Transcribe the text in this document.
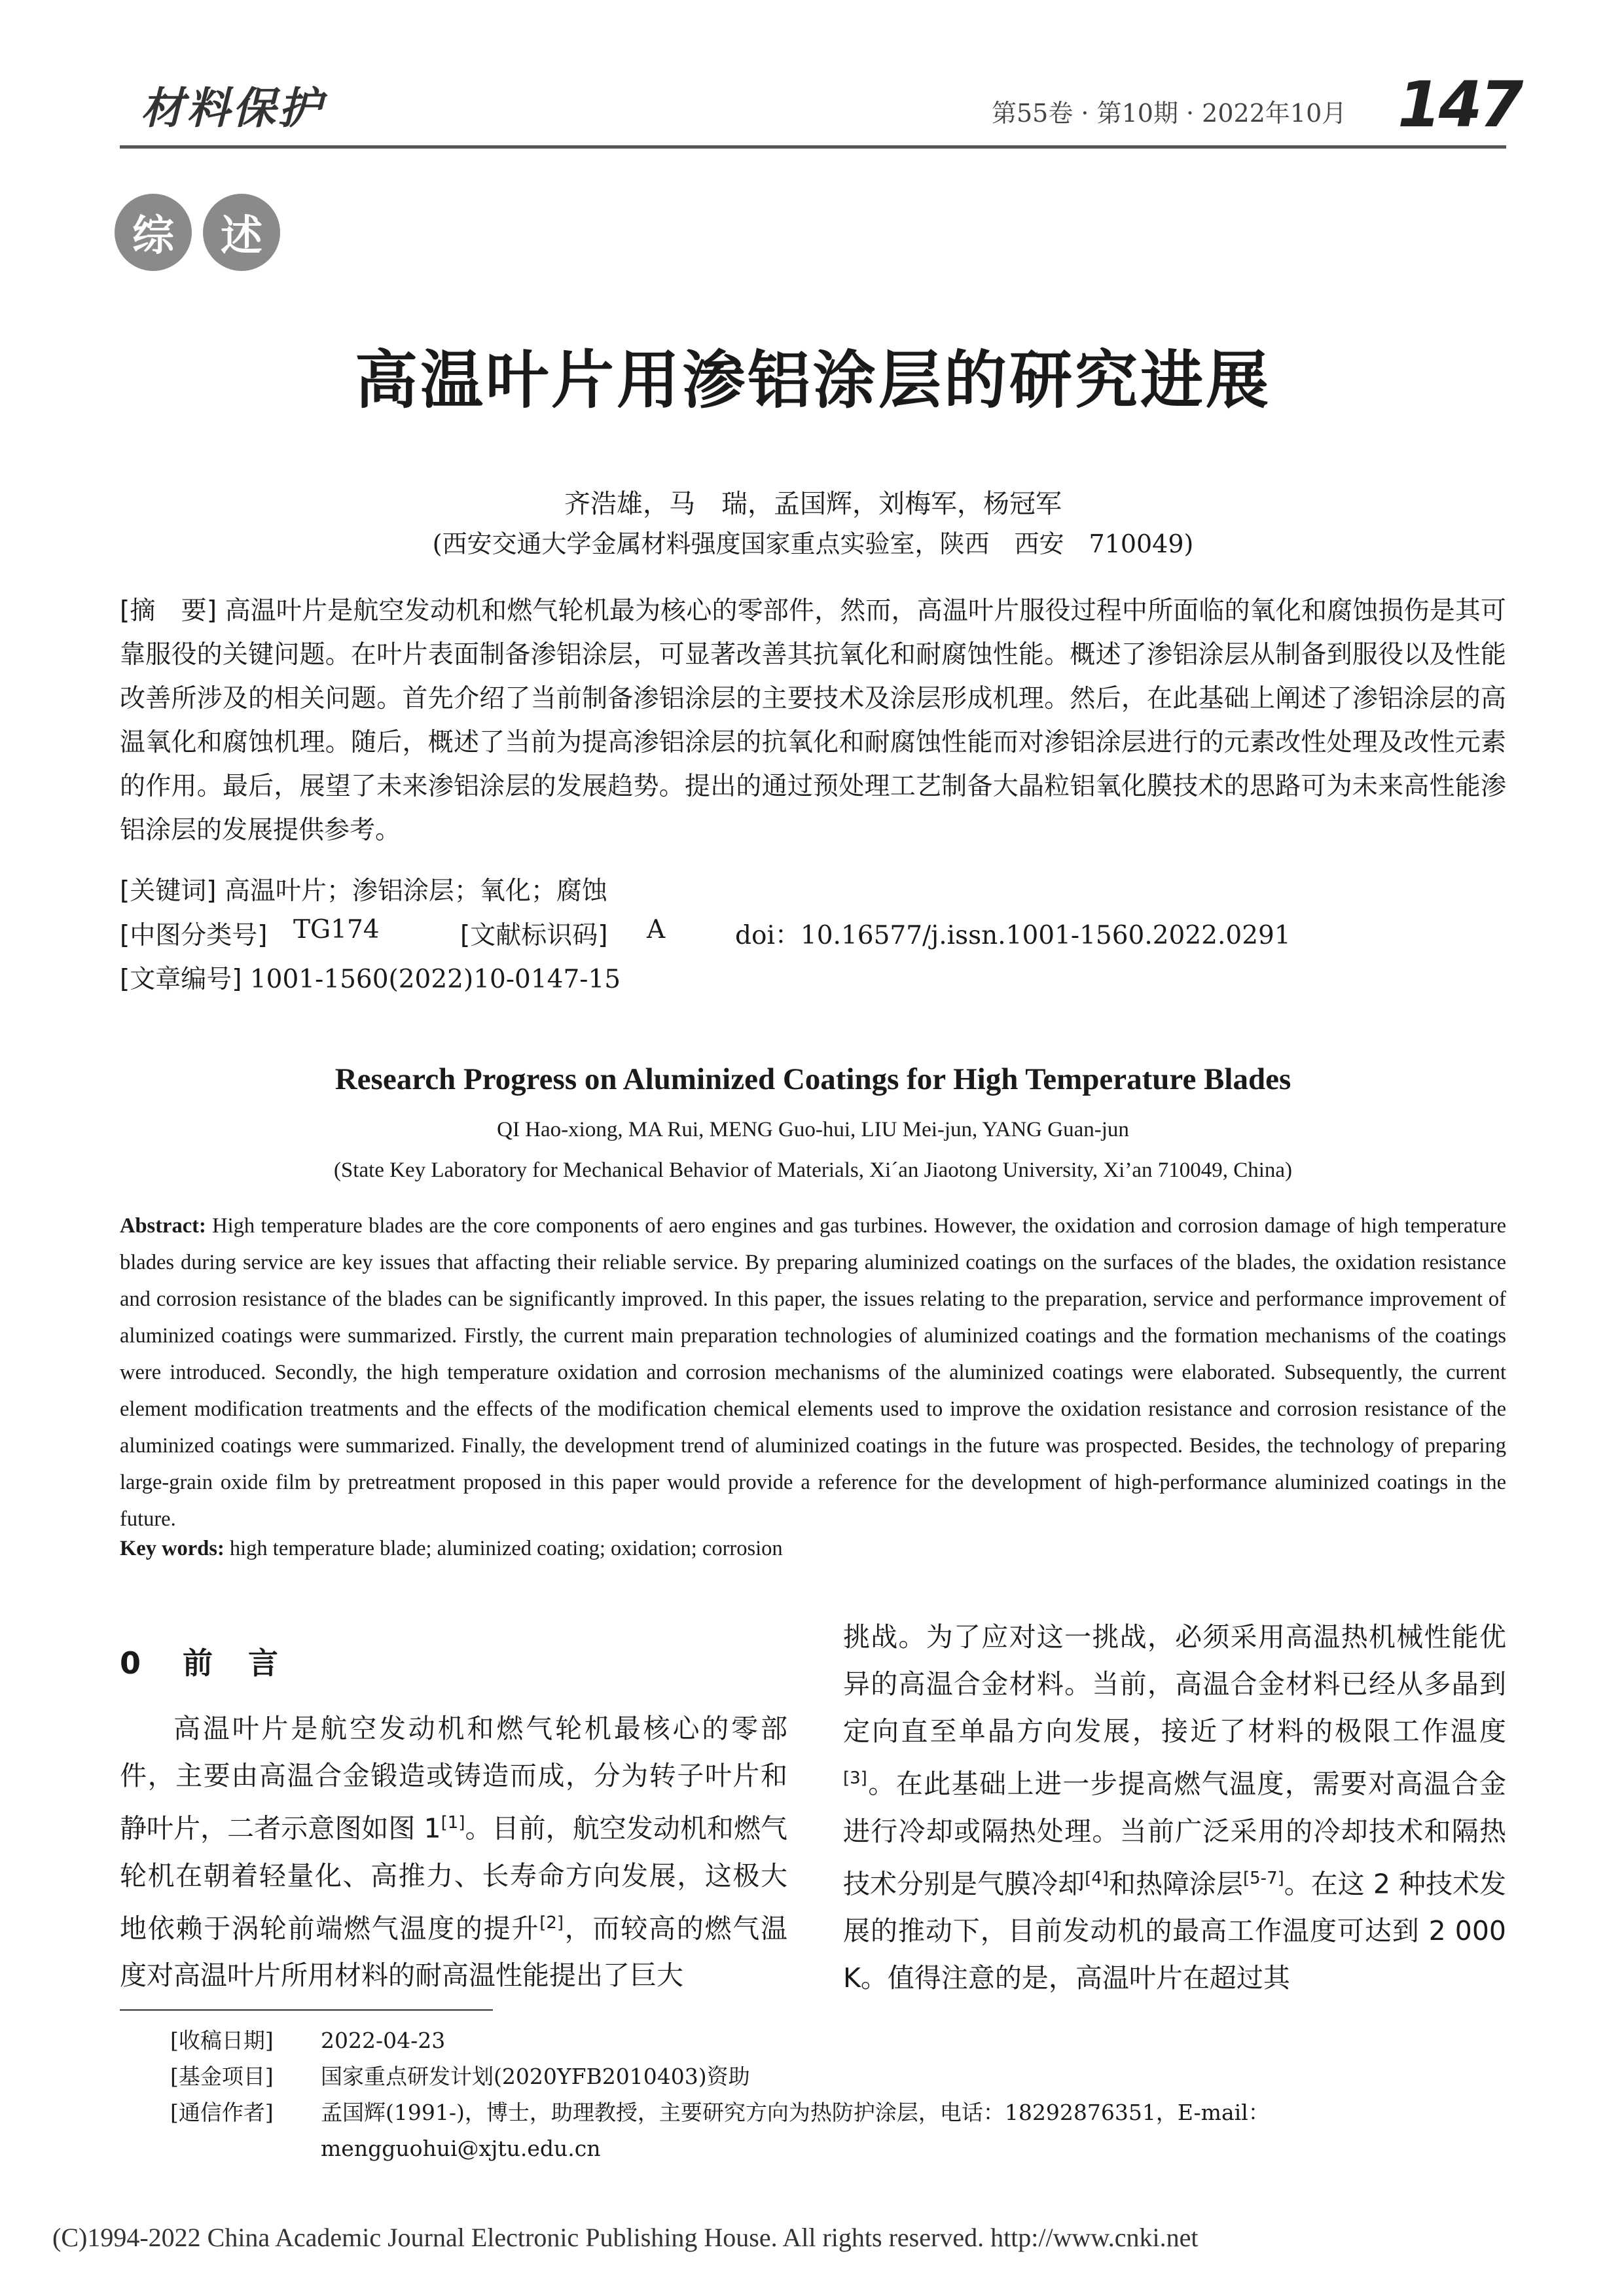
材料保护	第55卷 · 第10期 · 2022年10月 147
综	述
高温叶片用渗铝涂层的研究进展
齐浩雄，马　瑞，孟国辉，刘梅军，杨冠军
(西安交通大学金属材料强度国家重点实验室，陕西　西安　710049)
[摘　要] 高温叶片是航空发动机和燃气轮机最为核心的零部件，然而，高温叶片服役过程中所面临的氧化和腐蚀损伤是其可靠服役的关键问题。在叶片表面制备渗铝涂层，可显著改善其抗氧化和耐腐蚀性能。概述了渗铝涂层从制备到服役以及性能改善所涉及的相关问题。首先介绍了当前制备渗铝涂层的主要技术及涂层形成机理。然后，在此基础上阐述了渗铝涂层的高温氧化和腐蚀机理。随后，概述了当前为提高渗铝涂层的抗氧化和耐腐蚀性能而对渗铝涂层进行的元素改性处理及改性元素的作用。最后，展望了未来渗铝涂层的发展趋势。提出的通过预处理工艺制备大晶粒铝氧化膜技术的思路可为未来高性能渗铝涂层的发展提供参考。
[关键词] 高温叶片；渗铝涂层；氧化；腐蚀
[中图分类号] TG174	[文献标识码] A	doi：10.16577/j.issn.1001-1560.2022.0291
[文章编号] 1001-1560(2022)10-0147-15
Research Progress on Aluminized Coatings for High Temperature Blades
QI Hao-xiong, MA Rui, MENG Guo-hui, LIU Mei-jun, YANG Guan-jun
(State Key Laboratory for Mechanical Behavior of Materials, Xi´an Jiaotong University, Xi’an 710049, China)
Abstract: High temperature blades are the core components of aero engines and gas turbines. However, the oxidation and corrosion damage of high temperature blades during service are key issues that affacting their reliable service. By preparing aluminized coatings on the surfaces of the blades, the oxidation resistance and corrosion resistance of the blades can be significantly improved. In this paper, the issues relating to the preparation, service and performance improvement of aluminized coatings were summarized. Firstly, the current main preparation technologies of aluminized coatings and the formation mechanisms of the coatings were introduced. Secondly, the high temperature oxidation and corrosion mechanisms of the aluminized coatings were elaborated. Subsequently, the current element modification treatments and the effects of the modification chemical elements used to improve the oxidation resistance and corrosion resistance of the aluminized coatings were summarized. Finally, the development trend of aluminized coatings in the future was prospected. Besides, the technology of preparing large-grain oxide film by pretreatment proposed in this paper would provide a reference for the development of high-performance aluminized coatings in the future.
Key words: high temperature blade; aluminized coating; oxidation; corrosion
0 前　言
高温叶片是航空发动机和燃气轮机最核心的零部件，主要由高温合金锻造或铸造而成，分为转子叶片和静叶片，二者示意图如图 1[1]。目前，航空发动机和燃气轮机在朝着轻量化、高推力、长寿命方向发展，这极大地依赖于涡轮前端燃气温度的提升[2]，而较高的燃气温度对高温叶片所用材料的耐高温性能提出了巨大
挑战。为了应对这一挑战，必须采用高温热机械性能优异的高温合金材料。当前，高温合金材料已经从多晶到定向直至单晶方向发展，接近了材料的极限工作温度[3]。在此基础上进一步提高燃气温度，需要对高温合金进行冷却或隔热处理。当前广泛采用的冷却技术和隔热技术分别是气膜冷却[4]和热障涂层[5-7]。在这 2 种技术发展的推动下，目前发动机的最高工作温度可达到 2 000 K。值得注意的是，高温叶片在超过其
[收稿日期]	2022-04-23
[基金项目]	国家重点研发计划(2020YFB2010403)资助
[通信作者]	孟国辉(1991-)，博士，助理教授，主要研究方向为热防护涂层，电话：18292876351，E-mail：mengguohui@xjtu.edu.cn
(C)1994-2022 China Academic Journal Electronic Publishing House. All rights reserved. http://www.cnki.net
